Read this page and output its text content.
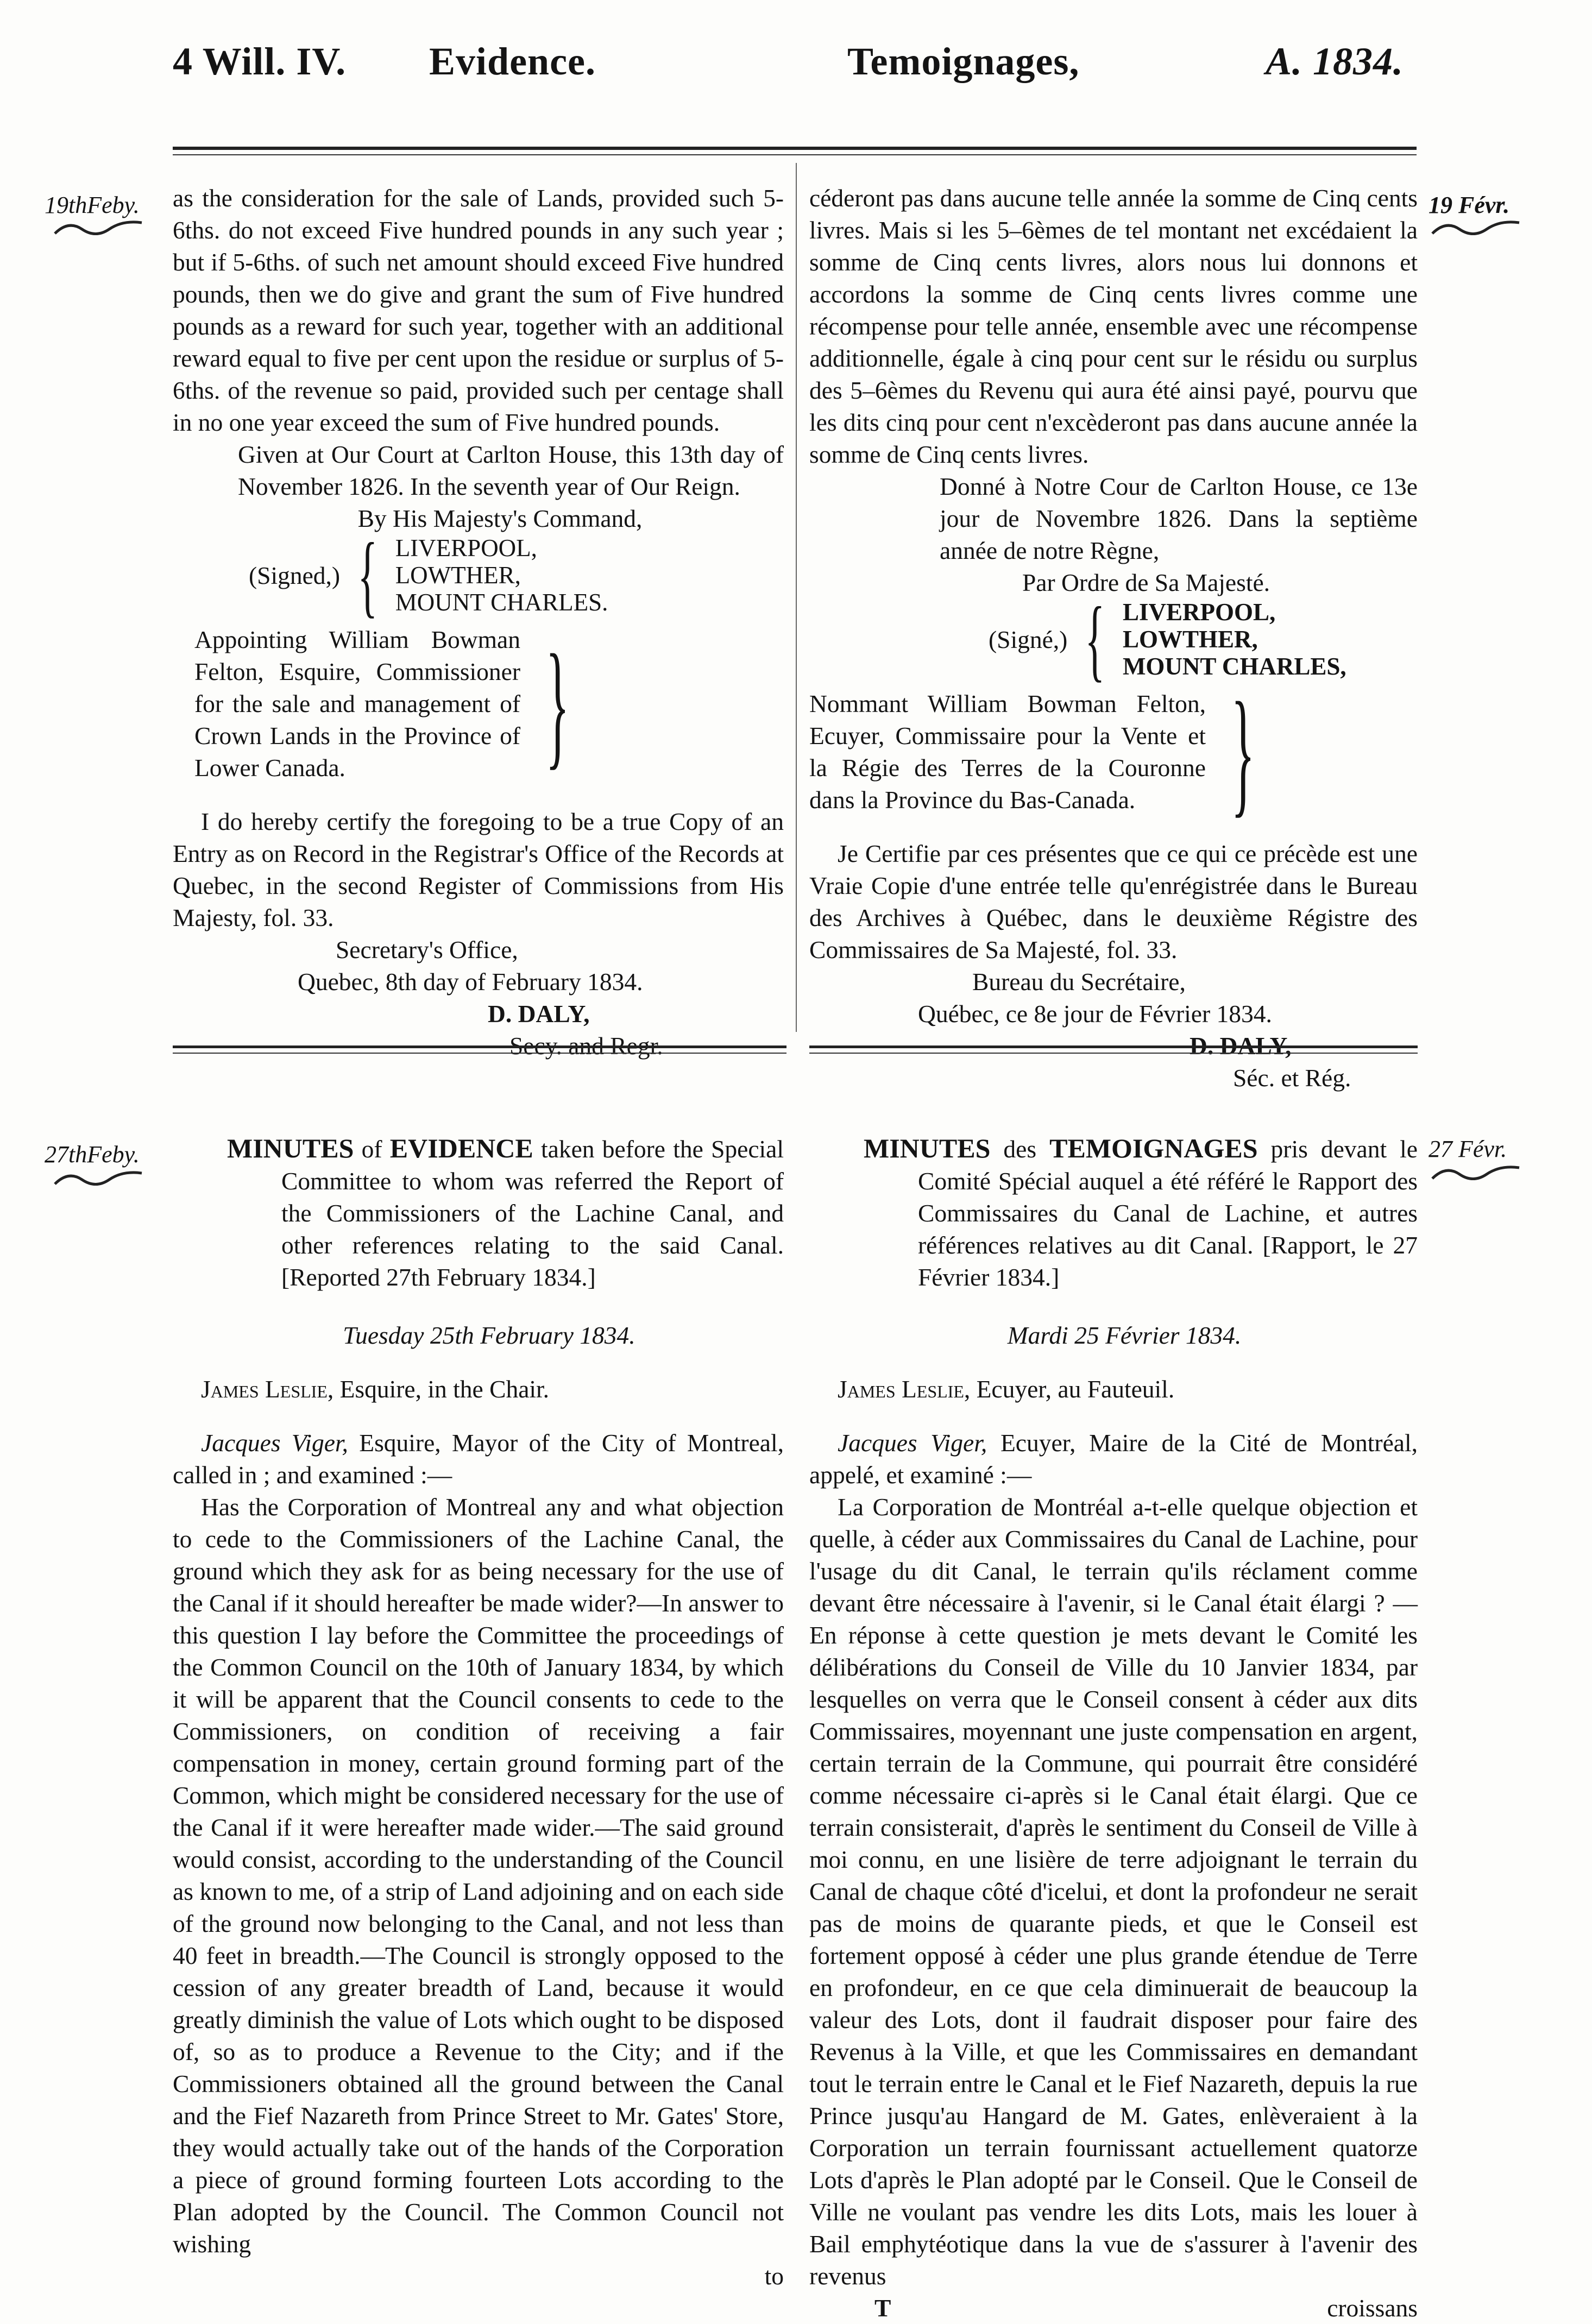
4 Will. IV. Evidence.	Temoignages,	A. 1834.
19thFeby.	19 Févr.

as the consideration for the sale of Lands, provided such 5-6ths. do not exceed Five hundred pounds in any such year ; but if 5-6ths. of such net amount should exceed Five hundred pounds, then we do give and grant the sum of Five hundred pounds as a reward for such year, together with an additional reward equal to five per cent upon the residue or surplus of 5-6ths. of the revenue so paid, provided such per centage shall in no one year exceed the sum of Five hundred pounds.

Given at Our Court at Carlton House, this 13th day of November 1826. In the seventh year of Our Reign.

By His Majesty's Command,

(Signed,) { LIVERPOOL,
LOWTHER,
MOUNT CHARLES.
Appointing William Bowman Felton, Esquire, Commissioner for the sale and management of Crown Lands in the Province of Lower Canada.	}

I do hereby certify the foregoing to be a true Copy of an Entry as on Record in the Registrar's Office of the Records at Quebec, in the second Register of Commissions from His Majesty, fol. 33.

Secretary's Office,

Quebec, 8th day of February 1834.

D. DALY,

Secy. and Regr.

céderont pas dans aucune telle année la somme de Cinq cents livres. Mais si les 5–6èmes de tel montant net excédaient la somme de Cinq cents livres, alors nous lui donnons et accordons la somme de Cinq cents livres comme une récompense pour telle année, ensemble avec une récompense additionnelle, égale à cinq pour cent sur le résidu ou surplus des 5–6èmes du Revenu qui aura été ainsi payé, pourvu que les dits cinq pour cent n'excèderont pas dans aucune année la somme de Cinq cents livres.

Donné à Notre Cour de Carlton House, ce 13e jour de Novembre 1826. Dans la septième année de notre Règne,

Par Ordre de Sa Majesté.

(Signé,) { LIVERPOOL,
LOWTHER,
MOUNT CHARLES,
Nommant William Bowman Felton, Ecuyer, Commissaire pour la Vente et la Régie des Terres de la Couronne dans la Province du Bas-Canada. }

Je Certifie par ces présentes que ce qui ce précède est une Vraie Copie d'une entrée telle qu'enrégistrée dans le Bureau des Archives à Québec, dans le deuxième Régistre des Commissaires de Sa Majesté, fol. 33.

Bureau du Secrétaire,

Québec, ce 8e jour de Février 1834.

D. DALY,

Séc. et Rég.

27thFeby.	27 Févr.

MINUTES of EVIDENCE taken before the Special Committee to whom was referred the Report of the Commissioners of the Lachine Canal, and other references relating to the said Canal. [Reported 27th February 1834.]

Tuesday 25th February 1834.

James Leslie, Esquire, in the Chair.

Jacques Viger, Esquire, Mayor of the City of Montreal, called in ; and examined :—

Has the Corporation of Montreal any and what objection to cede to the Commissioners of the Lachine Canal, the ground which they ask for as being necessary for the use of the Canal if it should hereafter be made wider?—In answer to this question I lay before the Committee the proceedings of the Common Council on the 10th of January 1834, by which it will be apparent that the Council consents to cede to the Commissioners, on condition of receiving a fair compensation in money, certain ground forming part of the Common, which might be considered necessary for the use of the Canal if it were hereafter made wider.—The said ground would consist, according to the understanding of the Council as known to me, of a strip of Land adjoining and on each side of the ground now belonging to the Canal, and not less than 40 feet in breadth.—The Council is strongly opposed to the cession of any greater breadth of Land, because it would greatly diminish the value of Lots which ought to be disposed of, so as to produce a Revenue to the City; and if the Commissioners obtained all the ground between the Canal and the Fief Nazareth from Prince Street to Mr. Gates' Store, they would actually take out of the hands of the Corporation a piece of ground forming fourteen Lots according to the Plan adopted by the Council. The Common Council not wishing

to

MINUTES des TEMOIGNAGES pris devant le Comité Spécial auquel a été référé le Rapport des Commissaires du Canal de Lachine, et autres références relatives au dit Canal. [Rapport, le 27 Février 1834.]

Mardi 25 Février 1834.

James Leslie, Ecuyer, au Fauteuil.

Jacques Viger, Ecuyer, Maire de la Cité de Montréal, appelé, et examiné :—

La Corporation de Montréal a-t-elle quelque objection et quelle, à céder aux Commissaires du Canal de Lachine, pour l'usage du dit Canal, le terrain qu'ils réclament comme devant être nécessaire à l'avenir, si le Canal était élargi ? —En réponse à cette question je mets devant le Comité les délibérations du Conseil de Ville du 10 Janvier 1834, par lesquelles on verra que le Conseil consent à céder aux dits Commissaires, moyennant une juste compensation en argent, certain terrain de la Commune, qui pourrait être considéré comme nécessaire ci-après si le Canal était élargi. Que ce terrain consisterait, d'après le sentiment du Conseil de Ville à moi connu, en une lisière de terre adjoignant le terrain du Canal de chaque côté d'icelui, et dont la profondeur ne serait pas de moins de quarante pieds, et que le Conseil est fortement opposé à céder une plus grande étendue de Terre en profondeur, en ce que cela diminuerait de beaucoup la valeur des Lots, dont il faudrait disposer pour faire des Revenus à la Ville, et que les Commissaires en demandant tout le terrain entre le Canal et le Fief Nazareth, depuis la rue Prince jusqu'au Hangard de M. Gates, enlèveraient à la Corporation un terrain fournissant actuellement quatorze Lots d'après le Plan adopté par le Conseil. Que le Conseil de Ville ne voulant pas vendre les dits Lots, mais les louer à Bail emphytéotique dans la vue de s'assurer à l'avenir des revenus

T	croissans
